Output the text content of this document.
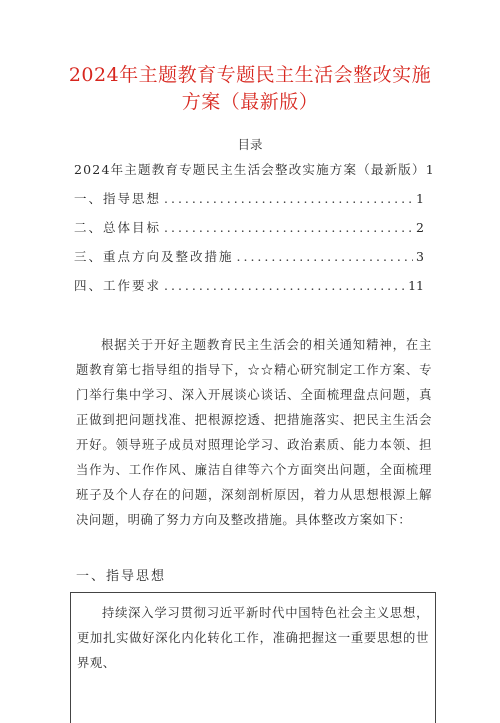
2024年主题教育专题民主生活会整改实施方案（最新版）
目录
2024年主题教育专题民主生活会整改实施方案（最新版） 1
一、指导思想 .....	1
二、总体目标 .....	2
三、重点方向及整改措施 .....	3
四、工作要求 .....	11
根据关于开好主题教育民主生活会的相关通知精神，在主题教育第七指导组的指导下，☆☆精心研究制定工作方案、专门举行集中学习、深入开展谈心谈话、全面梳理盘点问题，真正做到把问题找准、把根源挖透、把措施落实、把民主生活会开好。领导班子成员对照理论学习、政治素质、能力本领、担当作为、工作作风、廉洁自律等六个方面突出问题，全面梳理班子及个人存在的问题，深刻剖析原因，着力从思想根源上解决问题，明确了努力方向及整改措施。具体整改方案如下：
一、指导思想
持续深入学习贯彻习近平新时代中国特色社会主义思想，更加扎实做好深化内化转化工作，准确把握这一重要思想的世界观、
